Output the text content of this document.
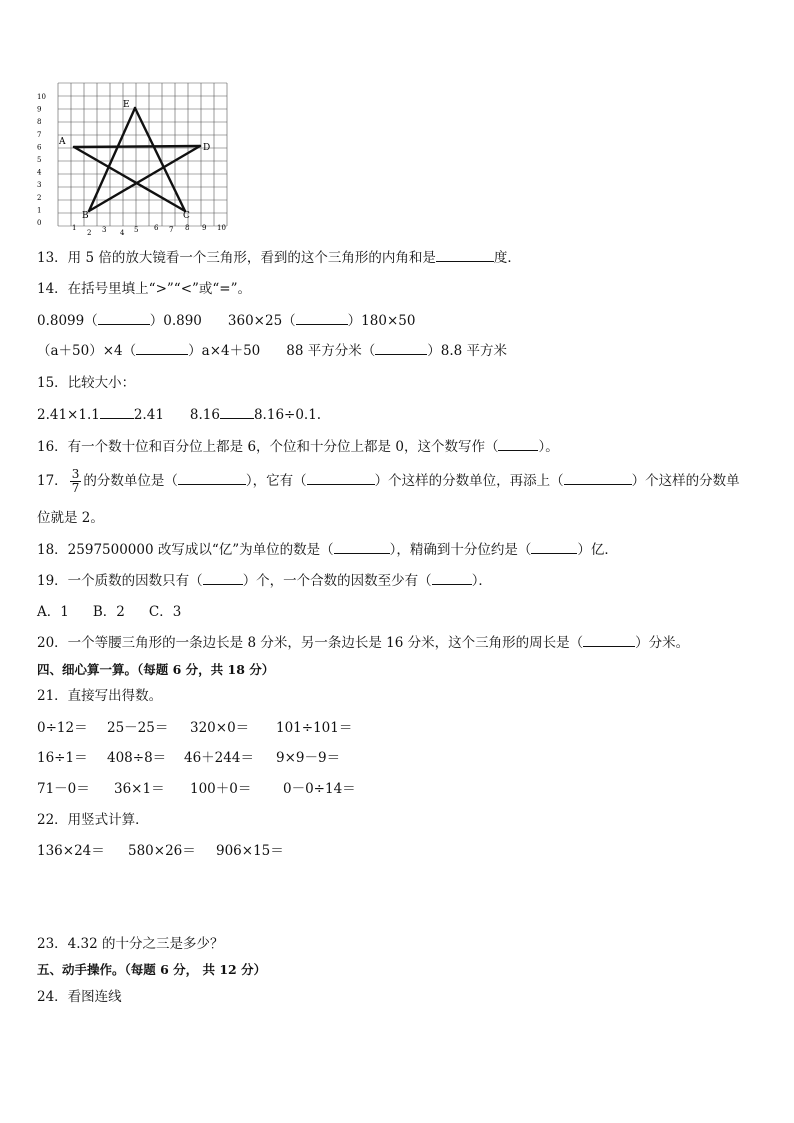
10
9
8
7
6
5
4
3
2
1
0
1
2 3 4 5 6 7 8 9 10
A
B	C
D
E
13．用 5 倍的放大镜看一个三角形，看到的这个三角形的内角和是	度．
14．在括号里填上“>”“<”或“=”。
0.8099（	）0.890 360×25（	）180×50
（a＋50）×4（	）a×4＋50 88 平方分米（	）8.8 平方米
15．比较大小：
2.41×1.1	2.41 8.16	8.16÷0.1.
16．有一个数十位和百分位上都是 6，个位和十分位上都是 0，这个数写作（	）。
17． $\frac{3}{7}$ 的分数单位是（	），它有（	）个这样的分数单位，再添上（	）个这样的分数单
位就是 2。
18．2597500000 改写成以“亿”为单位的数是（	），精确到十分位约是（	）亿．
19．一个质数的因数只有（	）个，一个合数的因数至少有（	）．
A．1 B．2 C．3
20．一个等腰三角形的一条边长是 8 分米，另一条边长是 16 分米，这个三角形的周长是（	）分米。
四、细心算一算。（每题 6 分，共 18 分）
21．直接写出得数。
0÷12＝ 25－25＝ 320×0＝ 101÷101＝
16÷1＝ 408÷8＝ 46＋244＝ 9×9－9＝
71－0＝ 36×1＝ 100＋0＝ 0－0÷14＝
22．用竖式计算．
136×24＝ 580×26＝ 906×15＝
23．4.32 的十分之三是多少？
五、动手操作。（每题 6 分， 共 12 分）
24．看图连线
